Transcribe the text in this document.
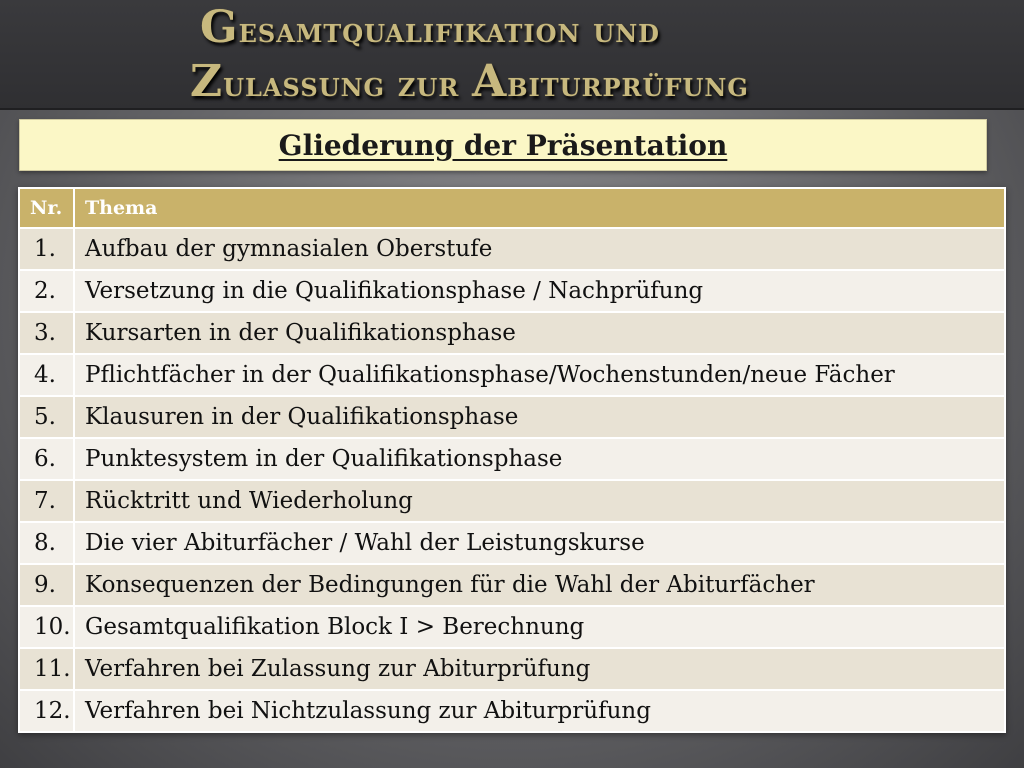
Gesamtqualifikation und
Zulassung zur Abiturprüfung
Gliederung der Präsentation
Nr.	Thema
1.	Aufbau der gymnasialen Oberstufe
2.	Versetzung in die Qualifikationsphase / Nachprüfung
3.	Kursarten in der Qualifikationsphase
4.	Pflichtfächer in der Qualifikationsphase/Wochenstunden/neue Fächer
5.	Klausuren in der Qualifikationsphase
6.	Punktesystem in der Qualifikationsphase
7.	Rücktritt und Wiederholung
8.	Die vier Abiturfächer / Wahl der Leistungskurse
9.	Konsequenzen der Bedingungen für die Wahl der Abiturfächer
10.	Gesamtqualifikation Block I > Berechnung
11.	Verfahren bei Zulassung zur Abiturprüfung
12.	Verfahren bei Nichtzulassung zur Abiturprüfung
